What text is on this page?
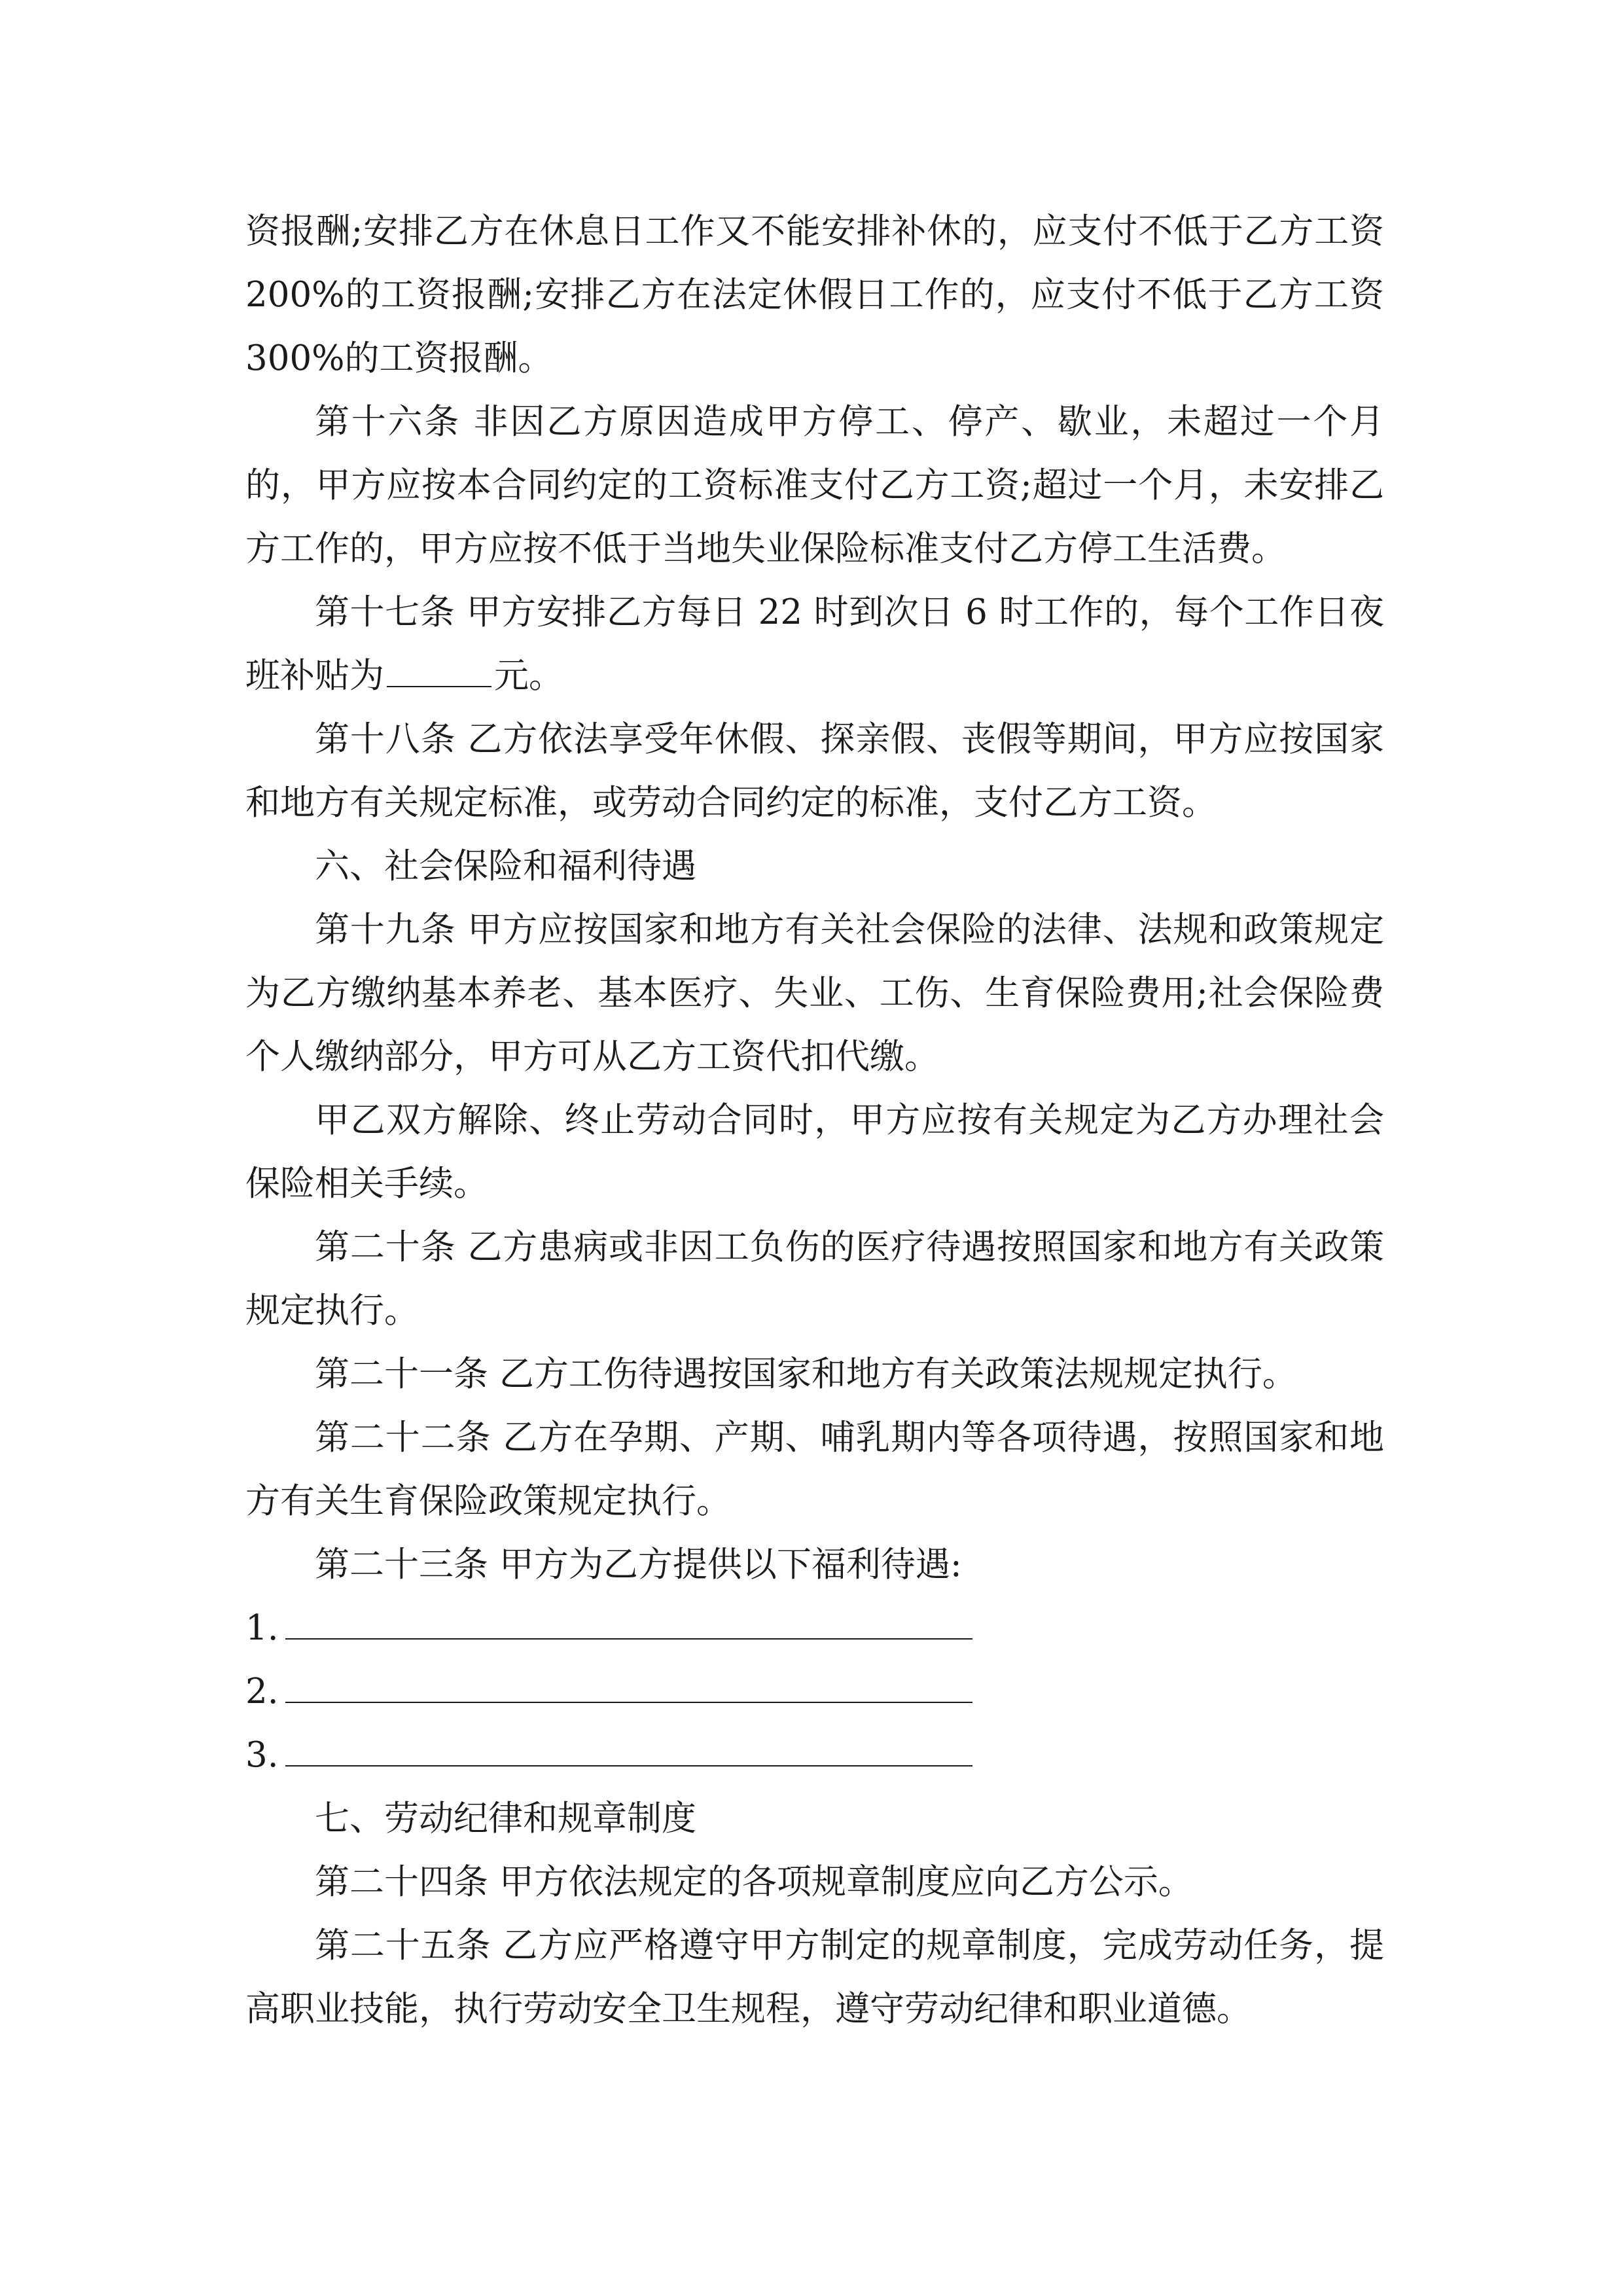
资报酬;安排乙方在休息日工作又不能安排补休的，应支付不低于乙方工资 200%的工资报酬;安排乙方在法定休假日工作的，应支付不低于乙方工资 300%的工资报酬。

第十六条 非因乙方原因造成甲方停工、停产、歇业，未超过一个月的，甲方应按本合同约定的工资标准支付乙方工资;超过一个月，未安排乙方工作的，甲方应按不低于当地失业保险标准支付乙方停工生活费。

第十七条 甲方安排乙方每日 22 时到次日 6 时工作的，每个工作日夜班补贴为	元。

第十八条 乙方依法享受年休假、探亲假、丧假等期间，甲方应按国家和地方有关规定标准，或劳动合同约定的标准，支付乙方工资。

六、社会保险和福利待遇

第十九条 甲方应按国家和地方有关社会保险的法律、法规和政策规定为乙方缴纳基本养老、基本医疗、失业、工伤、生育保险费用;社会保险费个人缴纳部分，甲方可从乙方工资代扣代缴。

甲乙双方解除、终止劳动合同时，甲方应按有关规定为乙方办理社会保险相关手续。

第二十条 乙方患病或非因工负伤的医疗待遇按照国家和地方有关政策规定执行。

第二十一条 乙方工伤待遇按国家和地方有关政策法规规定执行。

第二十二条 乙方在孕期、产期、哺乳期内等各项待遇，按照国家和地方有关生育保险政策规定执行。

第二十三条 甲方为乙方提供以下福利待遇:

1.

2.

3.

七、劳动纪律和规章制度

第二十四条 甲方依法规定的各项规章制度应向乙方公示。

第二十五条 乙方应严格遵守甲方制定的规章制度，完成劳动任务，提高职业技能，执行劳动安全卫生规程，遵守劳动纪律和职业道德。
